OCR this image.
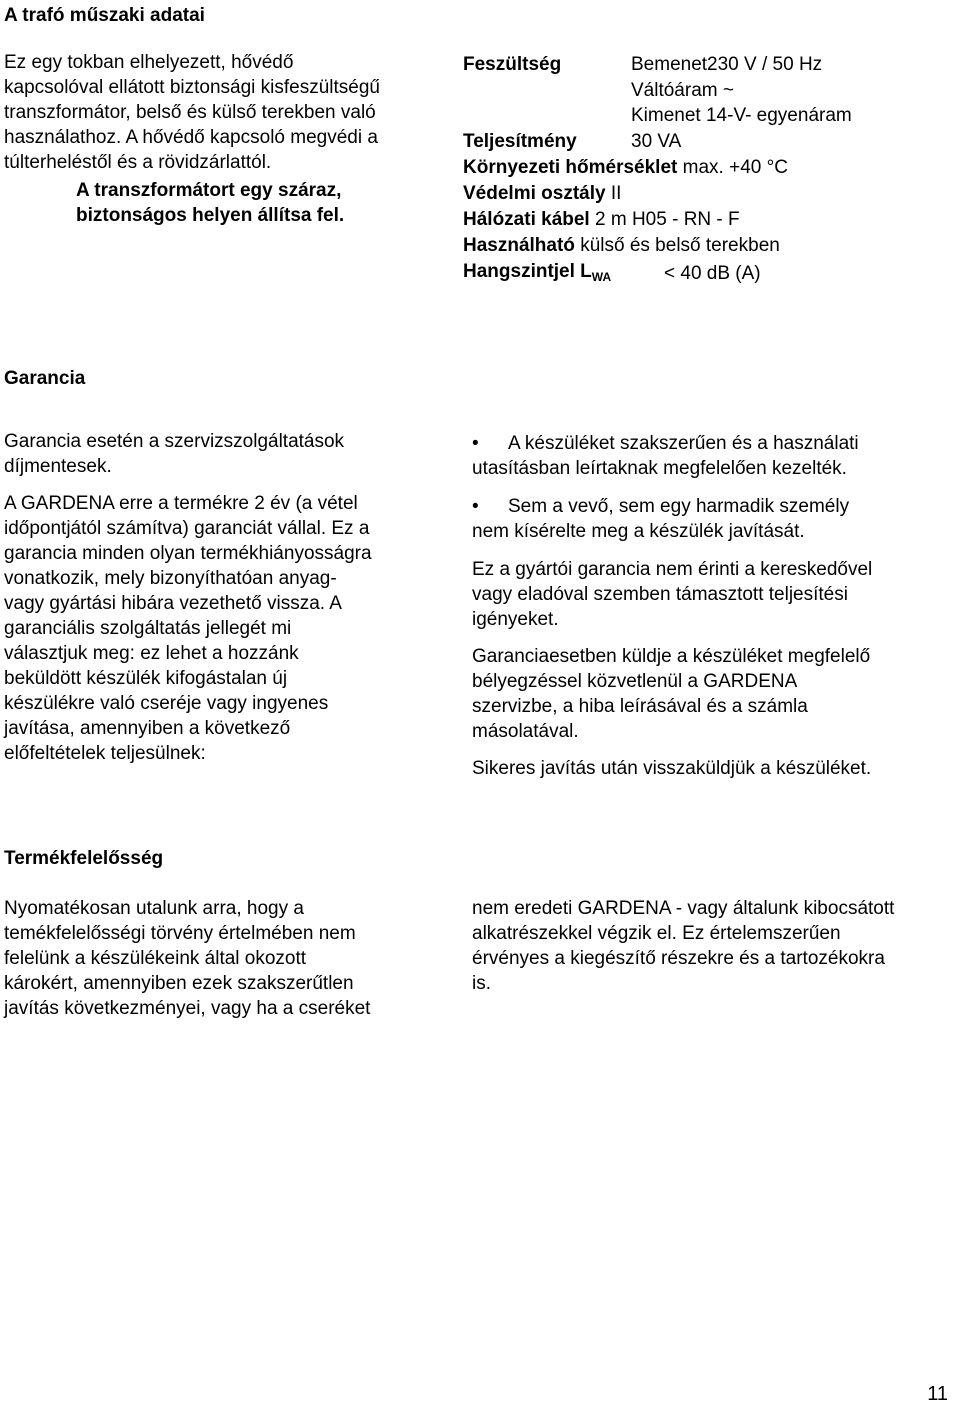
A trafó műszaki adatai

Ez egy tokban elhelyezett, hővédő

kapcsolóval ellátott biztonsági kisfeszültségű

transzformátor, belső és külső terekben való

használathoz. A hővédő kapcsoló megvédi a

túlterheléstől és a rövidzárlattól.

A transzformátort egy száraz,

biztonságos helyen állítsa fel.

Feszültség	Bemenet230 V / 50 Hz
Váltóáram ~
Kimenet 14-V- egyenáram
Teljesítmény	30 VA
Környezeti hőmérséklet max. +40 °C
Védelmi osztály II
Hálózati kábel 2 m H05 - RN - F
Használható külső és belső terekben
Hangszintjel $L_{WA}$	< 40 dB (A)
Garancia

Garancia esetén a szervizszolgáltatások

díjmentesek.

A GARDENA erre a termékre 2 év (a vétel

időpontjától számítva) garanciát vállal. Ez a

garancia minden olyan termékhiányosságra

vonatkozik, mely bizonyíthatóan anyag-

vagy gyártási hibára vezethető vissza. A

garanciális szolgáltatás jellegét mi

választjuk meg: ez lehet a hozzánk

beküldött készülék kifogástalan új

készülékre való cseréje vagy ingyenes

javítása, amennyiben a következő

előfeltételek teljesülnek:

•	A készüléket szakszerűen és a használati

utasításban leírtaknak megfelelően kezelték.

•	Sem a vevő, sem egy harmadik személy

nem kísérelte meg a készülék javítását.

Ez a gyártói garancia nem érinti a kereskedővel

vagy eladóval szemben támasztott teljesítési

igényeket.

Garanciaesetben küldje a készüléket megfelelő

bélyegzéssel közvetlenül a GARDENA

szervizbe, a hiba leírásával és a számla

másolatával.

Sikeres javítás után visszaküldjük a készüléket.

Termékfelelősség

Nyomatékosan utalunk arra, hogy a

temékfelelősségi törvény értelmében nem

felelünk a készülékeink által okozott

károkért, amennyiben ezek szakszerűtlen

javítás következményei, vagy ha a cseréket

nem eredeti GARDENA - vagy általunk kibocsátott

alkatrészekkel végzik el. Ez értelemszerűen

érvényes a kiegészítő részekre és a tartozékokra

is.

11
